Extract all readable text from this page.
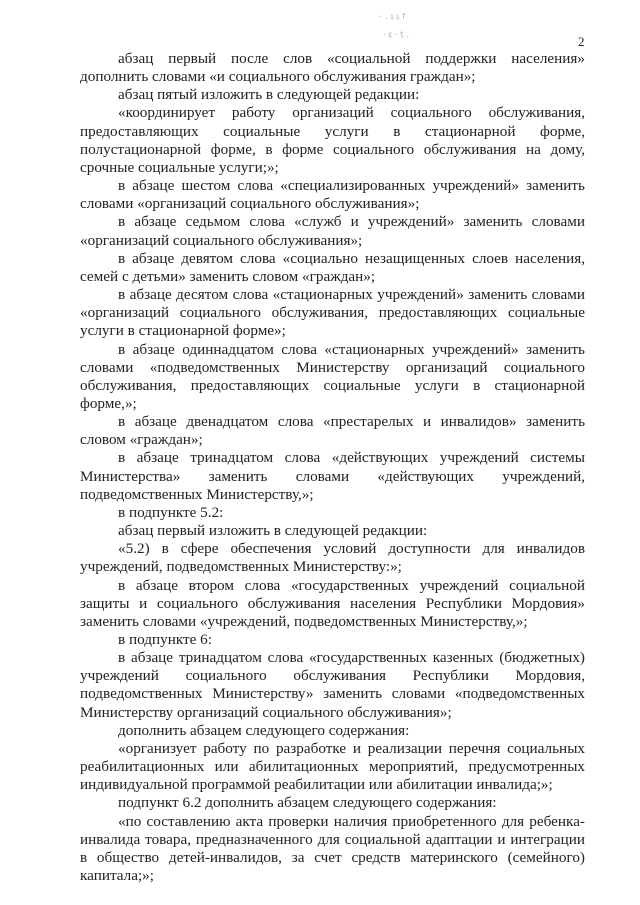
·.ı̣ı̣f
·ɛ̣·ṭ.	2

абзац первый после слов «социальной поддержки населения» дополнить словами «и социального обслуживания граждан»;

абзац пятый изложить в следующей редакции:

«координирует работу организаций социального обслуживания, предоставляющих социальные услуги в стационарной форме, полустационарной форме, в форме социального обслуживания на дому, срочные социальные услуги;»;

в абзаце шестом слова «специализированных учреждений» заменить словами «организаций социального обслуживания»;

в абзаце седьмом слова «служб и учреждений» заменить словами «организаций социального обслуживания»;

в абзаце девятом слова «социально незащищенных слоев населения, семей с детьми» заменить словом «граждан»;

в абзаце десятом слова «стационарных учреждений» заменить словами «организаций социального обслуживания, предоставляющих социальные услуги в стационарной форме»;

в абзаце одиннадцатом слова «стационарных учреждений» заменить словами «подведомственных Министерству организаций социального обслуживания, предоставляющих социальные услуги в стационарной форме,»;

в абзаце двенадцатом слова «престарелых и инвалидов» заменить словом «граждан»;

в абзаце тринадцатом слова «действующих учреждений системы Министерства» заменить словами «действующих учреждений, подведомственных Министерству,»;

в подпункте 5.2:

абзац первый изложить в следующей редакции:

«5.2) в сфере обеспечения условий доступности для инвалидов учреждений, подведомственных Министерству:»;

в абзаце втором слова «государственных учреждений социальной защиты и социального обслуживания населения Республики Мордовия» заменить словами «учреждений, подведомственных Министерству,»;

в подпункте 6:

в абзаце тринадцатом слова «государственных казенных (бюджетных) учреждений социального обслуживания Республики Мордовия, подведомственных Министерству» заменить словами «подведомственных Министерству организаций социального обслуживания»;

дополнить абзацем следующего содержания:

«организует работу по разработке и реализации перечня социальных реабилитационных или абилитационных мероприятий, предусмотренных индивидуальной программой реабилитации или абилитации инвалида;»;

подпункт 6.2 дополнить абзацем следующего содержания:

«по составлению акта проверки наличия приобретенного для ребенка-инвалида товара, предназначенного для социальной адаптации и интеграции в общество детей-инвалидов, за счет средств материнского (семейного) капитала;»;
